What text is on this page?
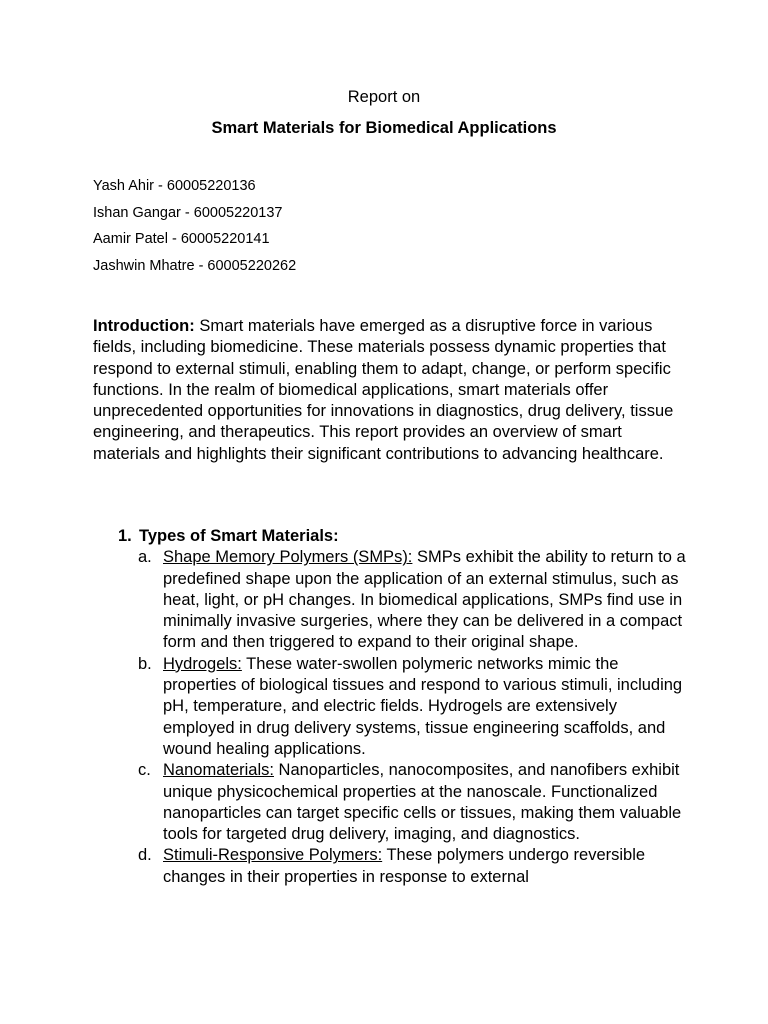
Report on
Smart Materials for Biomedical Applications
Yash Ahir - 60005220136
Ishan Gangar - 60005220137
Aamir Patel - 60005220141
Jashwin Mhatre - 60005220262
Introduction: Smart materials have emerged as a disruptive force in various fields, including biomedicine. These materials possess dynamic properties that respond to external stimuli, enabling them to adapt, change, or perform specific functions. In the realm of biomedical applications, smart materials offer unprecedented opportunities for innovations in diagnostics, drug delivery, tissue engineering, and therapeutics. This report provides an overview of smart materials and highlights their significant contributions to advancing healthcare.
1. Types of Smart Materials:
a. Shape Memory Polymers (SMPs): SMPs exhibit the ability to return to a predefined shape upon the application of an external stimulus, such as heat, light, or pH changes. In biomedical applications, SMPs find use in minimally invasive surgeries, where they can be delivered in a compact form and then triggered to expand to their original shape.
b. Hydrogels: These water-swollen polymeric networks mimic the properties of biological tissues and respond to various stimuli, including pH, temperature, and electric fields. Hydrogels are extensively employed in drug delivery systems, tissue engineering scaffolds, and wound healing applications.
c. Nanomaterials: Nanoparticles, nanocomposites, and nanofibers exhibit unique physicochemical properties at the nanoscale. Functionalized nanoparticles can target specific cells or tissues, making them valuable tools for targeted drug delivery, imaging, and diagnostics.
d. Stimuli-Responsive Polymers: These polymers undergo reversible changes in their properties in response to external
